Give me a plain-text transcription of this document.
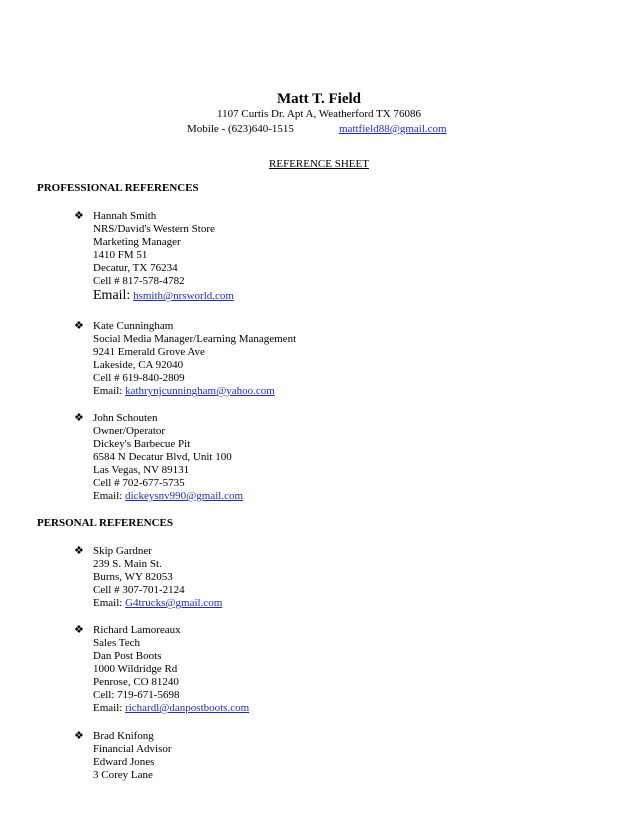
Matt T. Field
1107 Curtis Dr. Apt A, Weatherford TX 76086
Mobile - (623)640-1515	mattfield88@gmail.com
REFERENCE SHEET
PROFESSIONAL REFERENCES
❖ Hannah Smith
NRS/David's Western Store
Marketing Manager
1410 FM 51
Decatur, TX 76234
Cell # 817-578-4782
Email: hsmith@nrsworld.com
❖ Kate Cunningham
Social Media Manager/Learning Management
9241 Emerald Grove Ave
Lakeside, CA 92040
Cell # 619-840-2809
Email: kathrynjcunningham@yahoo.com
❖ John Schouten
Owner/Operator
Dickey's Barbecue Pit
6584 N Decatur Blvd, Unit 100
Las Vegas, NV 89131
Cell # 702-677-5735
Email: dickeysnv990@gmail.com
PERSONAL REFERENCES
❖ Skip Gardner
239 S. Main St.
Burns, WY 82053
Cell # 307-701-2124
Email: G4trucks@gmail.com
❖ Richard Lamoreaux
Sales Tech
Dan Post Boots
1000 Wildridge Rd
Penrose, CO 81240
Cell: 719-671-5698
Email: richardl@danpostboots.com
❖ Brad Knifong
Financial Advisor
Edward Jones
3 Corey Lane
